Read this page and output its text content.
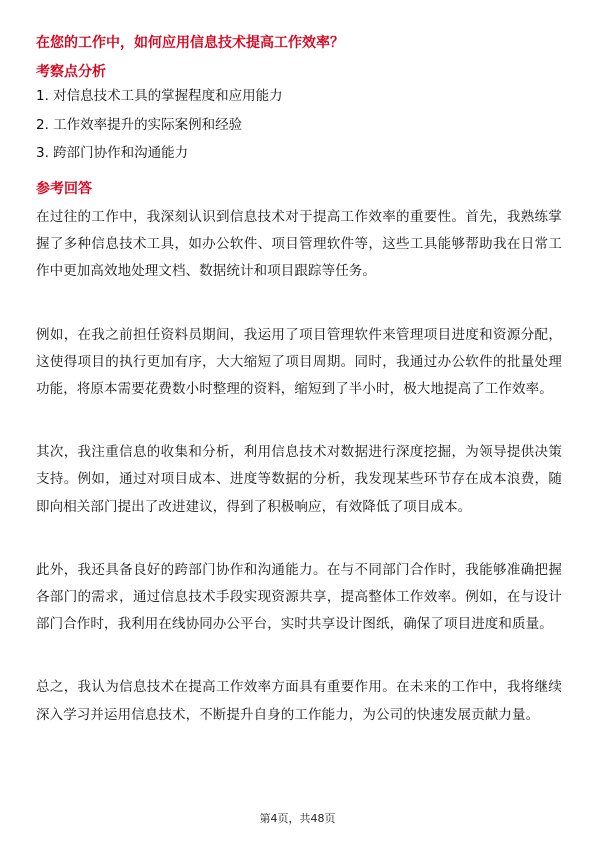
在您的工作中，如何应用信息技术提高工作效率？

考察点分析

1. 对信息技术工具的掌握程度和应用能力
2. 工作效率提升的实际案例和经验
3. 跨部门协作和沟通能力

参考回答

在过往的工作中，我深刻认识到信息技术对于提高工作效率的重要性。首先，我熟练掌握了多种信息技术工具，如办公软件、项目管理软件等，这些工具能够帮助我在日常工作中更加高效地处理文档、数据统计和项目跟踪等任务。

例如，在我之前担任资料员期间，我运用了项目管理软件来管理项目进度和资源分配，这使得项目的执行更加有序，大大缩短了项目周期。同时，我通过办公软件的批量处理功能，将原本需要花费数小时整理的资料，缩短到了半小时，极大地提高了工作效率。

其次，我注重信息的收集和分析，利用信息技术对数据进行深度挖掘，为领导提供决策支持。例如，通过对项目成本、进度等数据的分析，我发现某些环节存在成本浪费，随即向相关部门提出了改进建议，得到了积极响应，有效降低了项目成本。

此外，我还具备良好的跨部门协作和沟通能力。在与不同部门合作时，我能够准确把握各部门的需求，通过信息技术手段实现资源共享，提高整体工作效率。例如，在与设计部门合作时，我利用在线协同办公平台，实时共享设计图纸，确保了项目进度和质量。

总之，我认为信息技术在提高工作效率方面具有重要作用。在未来的工作中，我将继续深入学习并运用信息技术，不断提升自身的工作能力，为公司的快速发展贡献力量。

第4页，共48页
